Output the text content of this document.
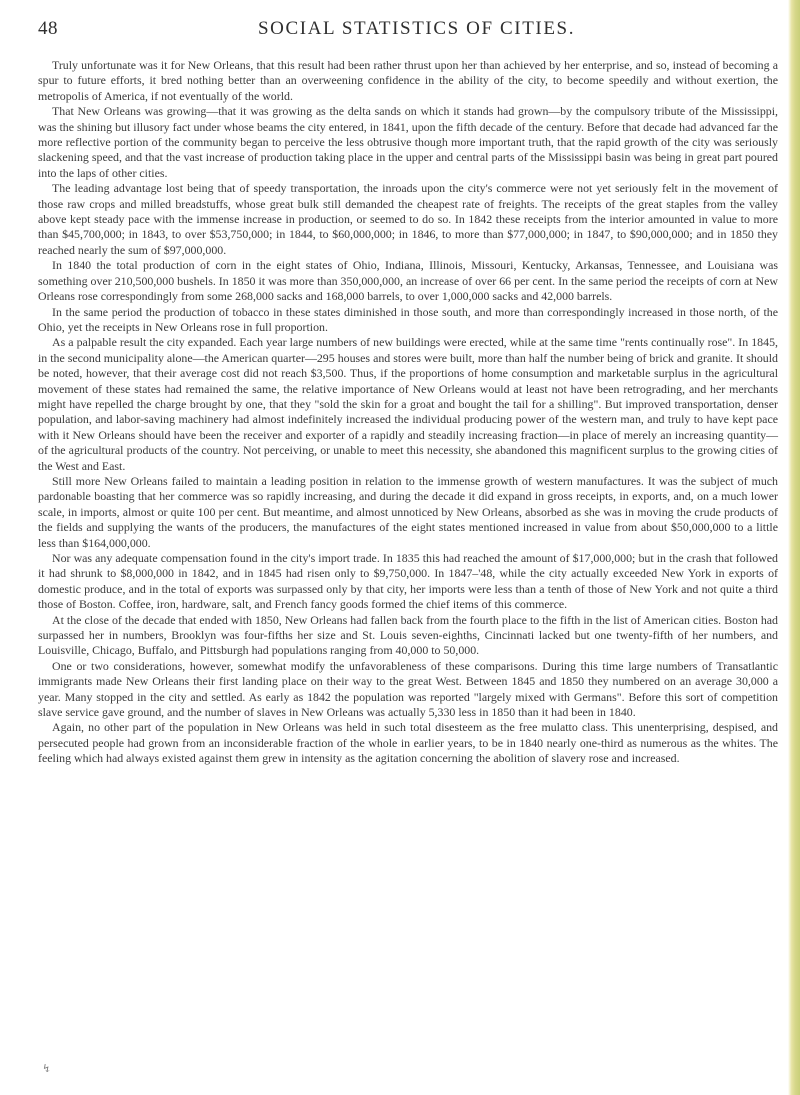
48	SOCIAL STATISTICS OF CITIES.

Truly unfortunate was it for New Orleans, that this result had been rather thrust upon her than achieved by her enterprise, and so, instead of becoming a spur to future efforts, it bred nothing better than an overweening confidence in the ability of the city, to become speedily and without exertion, the metropolis of America, if not eventually of the world.

That New Orleans was growing—that it was growing as the delta sands on which it stands had grown—by the compulsory tribute of the Mississippi, was the shining but illusory fact under whose beams the city entered, in 1841, upon the fifth decade of the century. Before that decade had advanced far the more reflective portion of the community began to perceive the less obtrusive though more important truth, that the rapid growth of the city was seriously slackening speed, and that the vast increase of production taking place in the upper and central parts of the Mississippi basin was being in great part poured into the laps of other cities.

The leading advantage lost being that of speedy transportation, the inroads upon the city's commerce were not yet seriously felt in the movement of those raw crops and milled breadstuffs, whose great bulk still demanded the cheapest rate of freights. The receipts of the great staples from the valley above kept steady pace with the immense increase in production, or seemed to do so. In 1842 these receipts from the interior amounted in value to more than $45,700,000; in 1843, to over $53,750,000; in 1844, to $60,000,000; in 1846, to more than $77,000,000; in 1847, to $90,000,000; and in 1850 they reached nearly the sum of $97,000,000.

In 1840 the total production of corn in the eight states of Ohio, Indiana, Illinois, Missouri, Kentucky, Arkansas, Tennessee, and Louisiana was something over 210,500,000 bushels. In 1850 it was more than 350,000,000, an increase of over 66 per cent. In the same period the receipts of corn at New Orleans rose correspondingly from some 268,000 sacks and 168,000 barrels, to over 1,000,000 sacks and 42,000 barrels.

In the same period the production of tobacco in these states diminished in those south, and more than correspondingly increased in those north, of the Ohio, yet the receipts in New Orleans rose in full proportion.

As a palpable result the city expanded. Each year large numbers of new buildings were erected, while at the same time "rents continually rose". In 1845, in the second municipality alone—the American quarter—295 houses and stores were built, more than half the number being of brick and granite. It should be noted, however, that their average cost did not reach $3,500. Thus, if the proportions of home consumption and marketable surplus in the agricultural movement of these states had remained the same, the relative importance of New Orleans would at least not have been retrograding, and her merchants might have repelled the charge brought by one, that they "sold the skin for a groat and bought the tail for a shilling". But improved transportation, denser population, and labor-saving machinery had almost indefinitely increased the individual producing power of the western man, and truly to have kept pace with it New Orleans should have been the receiver and exporter of a rapidly and steadily increasing fraction—in place of merely an increasing quantity—of the agricultural products of the country. Not perceiving, or unable to meet this necessity, she abandoned this magnificent surplus to the growing cities of the West and East.

Still more New Orleans failed to maintain a leading position in relation to the immense growth of western manufactures. It was the subject of much pardonable boasting that her commerce was so rapidly increasing, and during the decade it did expand in gross receipts, in exports, and, on a much lower scale, in imports, almost or quite 100 per cent. But meantime, and almost unnoticed by New Orleans, absorbed as she was in moving the crude products of the fields and supplying the wants of the producers, the manufactures of the eight states mentioned increased in value from about $50,000,000 to a little less than $164,000,000.

Nor was any adequate compensation found in the city's import trade. In 1835 this had reached the amount of $17,000,000; but in the crash that followed it had shrunk to $8,000,000 in 1842, and in 1845 had risen only to $9,750,000. In 1847–'48, while the city actually exceeded New York in exports of domestic produce, and in the total of exports was surpassed only by that city, her imports were less than a tenth of those of New York and not quite a third those of Boston. Coffee, iron, hardware, salt, and French fancy goods formed the chief items of this commerce.

At the close of the decade that ended with 1850, New Orleans had fallen back from the fourth place to the fifth in the list of American cities. Boston had surpassed her in numbers, Brooklyn was four-fifths her size and St. Louis seven-eighths, Cincinnati lacked but one twenty-fifth of her numbers, and Louisville, Chicago, Buffalo, and Pittsburgh had populations ranging from 40,000 to 50,000.

One or two considerations, however, somewhat modify the unfavorableness of these comparisons. During this time large numbers of Transatlantic immigrants made New Orleans their first landing place on their way to the great West. Between 1845 and 1850 they numbered on an average 30,000 a year. Many stopped in the city and settled. As early as 1842 the population was reported "largely mixed with Germans". Before this sort of competition slave service gave ground, and the number of slaves in New Orleans was actually 5,330 less in 1850 than it had been in 1840.

Again, no other part of the population in New Orleans was held in such total disesteem as the free mulatto class. This unenterprising, despised, and persecuted people had grown from an inconsiderable fraction of the whole in earlier years, to be in 1840 nearly one-third as numerous as the whites. The feeling which had always existed against them grew in intensity as the agitation concerning the abolition of slavery rose and increased.

↯
